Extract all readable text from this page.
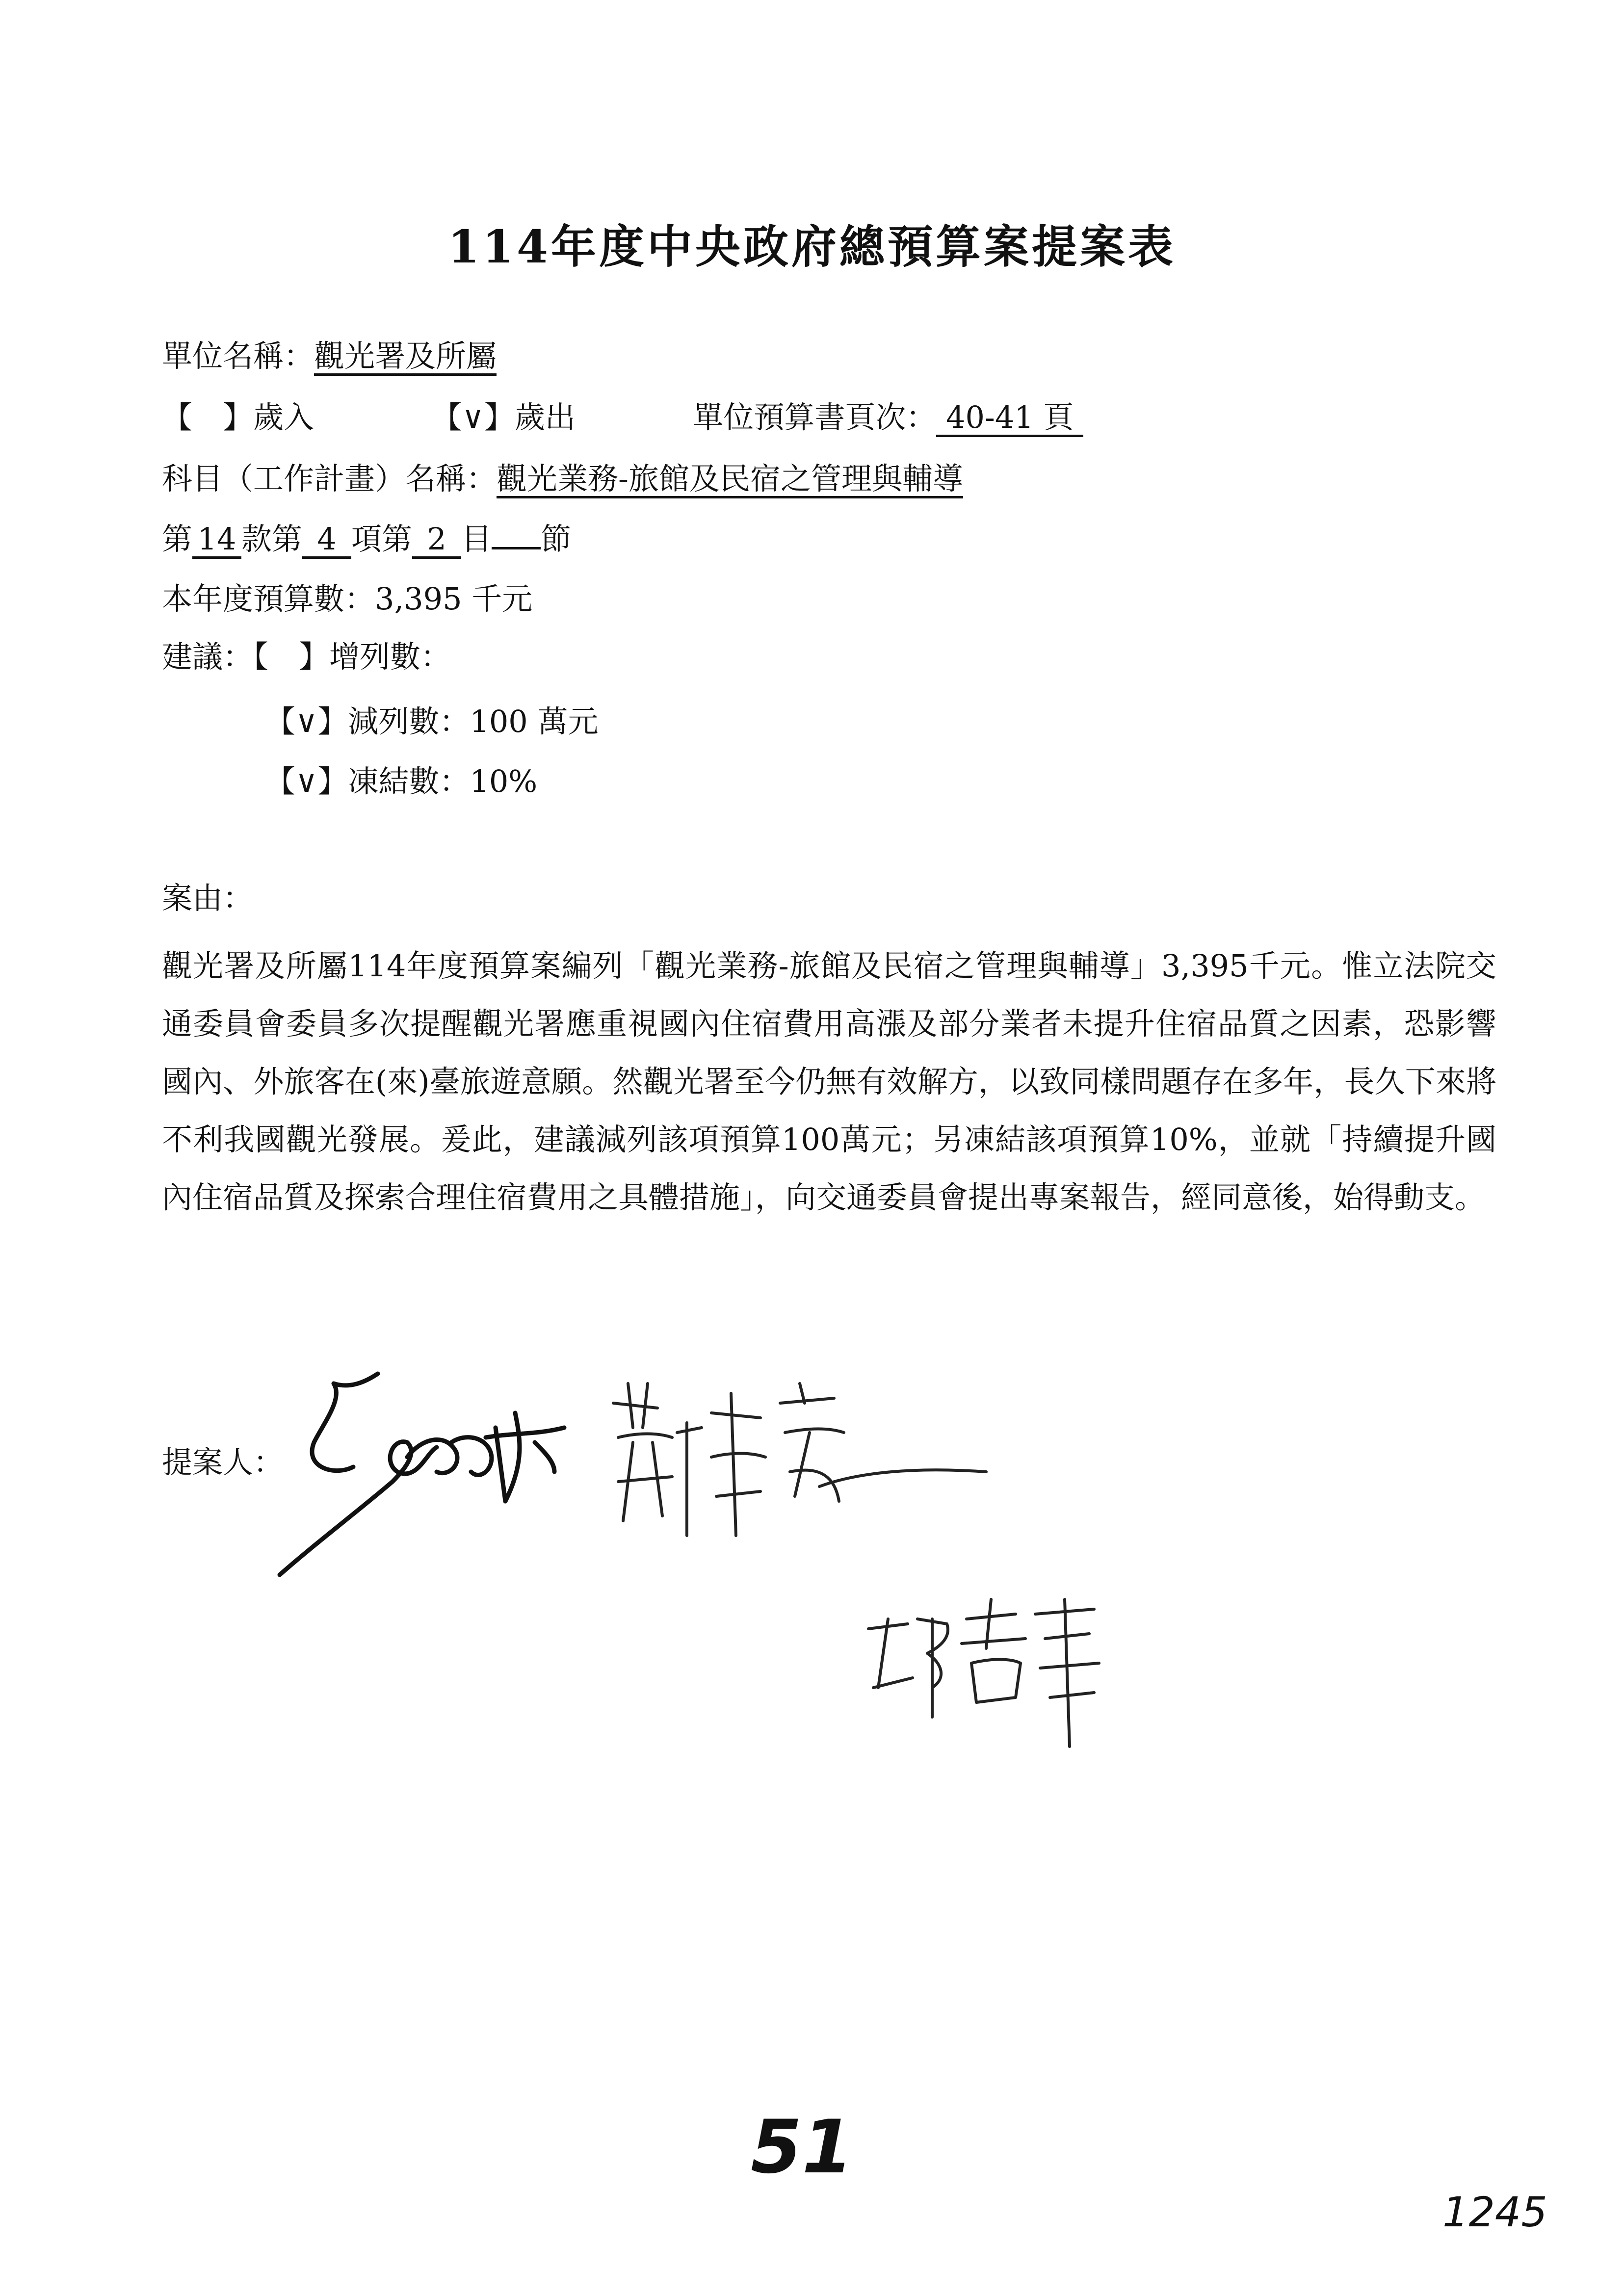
114年度中央政府總預算案提案表
單位名稱：觀光署及所屬
【　】歲入	【∨】歲出	單位預算書頁次： 40-41 頁
科目（工作計畫）名稱：觀光業務-旅館及民宿之管理與輔導
第 14 款第 4 項第 2 目 節
本年度預算數：3,395 千元
建議：【　】增列數：
【∨】減列數：100 萬元
【∨】凍結數：10%
案由：
觀光署及所屬114年度預算案編列「觀光業務-旅館及民宿之管理與輔導」3,395千元。惟立法院交通委員會委員多次提醒觀光署應重視國內住宿費用高漲及部分業者未提升住宿品質之因素，恐影響國內、外旅客在(來)臺旅遊意願。然觀光署至今仍無有效解方，以致同樣問題存在多年，長久下來將不利我國觀光發展。爰此，建議減列該項預算100萬元；另凍結該項預算10%，並就「持續提升國內住宿品質及探索合理住宿費用之具體措施」，向交通委員會提出專案報告，經同意後，始得動支。
提案人：
51
1245
